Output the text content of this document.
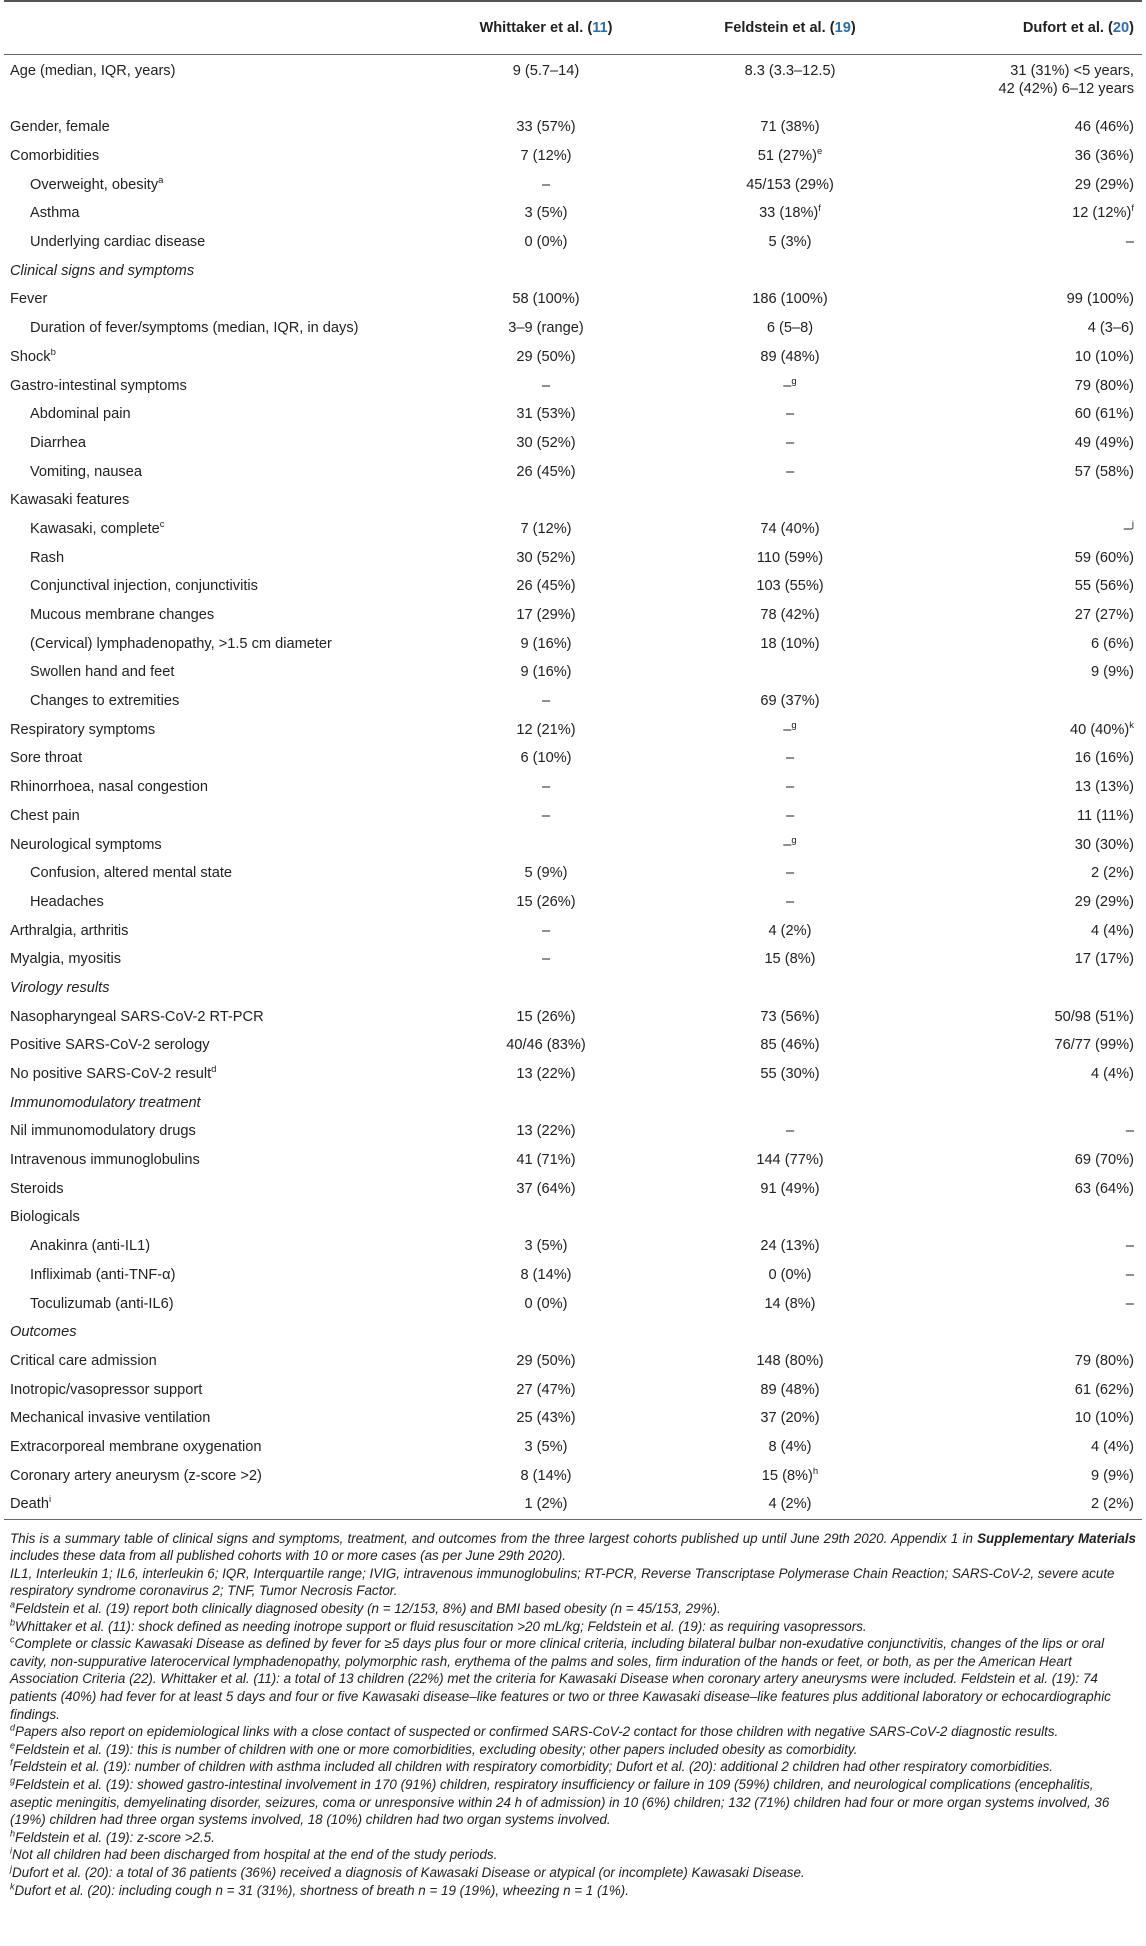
	Whittaker et al. (11)	Feldstein et al. (19)	Dufort et al. (20)
Age (median, IQR, years)	9 (5.7–14)	8.3 (3.3–12.5)	31 (31%) <5 years,
42 (42%) 6–12 years
Gender, female	33 (57%)	71 (38%)	46 (46%)
Comorbidities	7 (12%)	51 $(27\%)^e$	36 (36%)
Overweight, obesity$^a$	–	45/153 (29%)	29 (29%)
Asthma	3 (5%)	33 $(18\%)^f$	12 $(12\%)^f$
Underlying cardiac disease	0 (0%)	5 (3%)	–
Clinical signs and symptoms			
Fever	58 (100%)	186 (100%)	99 (100%)
Duration of fever/symptoms (median, IQR, in days)	3–9 (range)	6 (5–8)	4 (3–6)
Shock$^b$	29 (50%)	89 (48%)	10 (10%)
Gastro-intestinal symptoms	–	–$^g$	79 (80%)
Abdominal pain	31 (53%)	–	60 (61%)
Diarrhea	30 (52%)	–	49 (49%)
Vomiting, nausea	26 (45%)	–	57 (58%)
Kawasaki features			
Kawasaki, complete$^c$	7 (12%)	74 (40%)	–$^j$
Rash	30 (52%)	110 (59%)	59 (60%)
Conjunctival injection, conjunctivitis	26 (45%)	103 (55%)	55 (56%)
Mucous membrane changes	17 (29%)	78 (42%)	27 (27%)
(Cervical) lymphadenopathy, >1.5 cm diameter	9 (16%)	18 (10%)	6 (6%)
Swollen hand and feet	9 (16%)		9 (9%)
Changes to extremities	–	69 (37%)	
Respiratory symptoms	12 (21%)	–$^g$	40 $(40\%)^k$
Sore throat	6 (10%)	–	16 (16%)
Rhinorrhoea, nasal congestion	–	–	13 (13%)
Chest pain	–	–	11 (11%)
Neurological symptoms		–$^g$	30 (30%)
Confusion, altered mental state	5 (9%)	–	2 (2%)
Headaches	15 (26%)	–	29 (29%)
Arthralgia, arthritis	–	4 (2%)	4 (4%)
Myalgia, myositis	–	15 (8%)	17 (17%)
Virology results			
Nasopharyngeal SARS-CoV-2 RT-PCR	15 (26%)	73 (56%)	50/98 (51%)
Positive SARS-CoV-2 serology	40/46 (83%)	85 (46%)	76/77 (99%)
No positive SARS-CoV-2 result$^d$	13 (22%)	55 (30%)	4 (4%)
Immunomodulatory treatment			
Nil immunomodulatory drugs	13 (22%)	–	–
Intravenous immunoglobulins	41 (71%)	144 (77%)	69 (70%)
Steroids	37 (64%)	91 (49%)	63 (64%)
Biologicals			
Anakinra (anti-IL1)	3 (5%)	24 (13%)	–
Infliximab (anti-TNF-α)	8 (14%)	0 (0%)	–
Toculizumab (anti-IL6)	0 (0%)	14 (8%)	–
Outcomes			
Critical care admission	29 (50%)	148 (80%)	79 (80%)
Inotropic/vasopressor support	27 (47%)	89 (48%)	61 (62%)
Mechanical invasive ventilation	25 (43%)	37 (20%)	10 (10%)
Extracorporeal membrane oxygenation	3 (5%)	8 (4%)	4 (4%)
Coronary artery aneurysm (z-score >2)	8 (14%)	15 $(8\%)^h$	9 (9%)
Death$^i$	1 (2%)	4 (2%)	2 (2%)

This is a summary table of clinical signs and symptoms, treatment, and outcomes from the three largest cohorts published up until June 29th 2020. Appendix 1 in Supplementary Materials includes these data from all published cohorts with 10 or more cases (as per June 29th 2020).

IL1, Interleukin 1; IL6, interleukin 6; IQR, Interquartile range; IVIG, intravenous immunoglobulins; RT-PCR, Reverse Transcriptase Polymerase Chain Reaction; SARS-CoV-2, severe acute respiratory syndrome coronavirus 2; TNF, Tumor Necrosis Factor.

$^a$Feldstein et al. (19) report both clinically diagnosed obesity (n = 12/153, 8%) and BMI based obesity (n = 45/153, 29%).

$^b$Whittaker et al. (11): shock defined as needing inotrope support or fluid resuscitation >20 mL/kg; Feldstein et al. (19): as requiring vasopressors.

$^c$Complete or classic Kawasaki Disease as defined by fever for ≥5 days plus four or more clinical criteria, including bilateral bulbar non-exudative conjunctivitis, changes of the lips or oral cavity, non-suppurative laterocervical lymphadenopathy, polymorphic rash, erythema of the palms and soles, firm induration of the hands or feet, or both, as per the American Heart Association Criteria (22). Whittaker et al. (11): a total of 13 children (22%) met the criteria for Kawasaki Disease when coronary artery aneurysms were included. Feldstein et al. (19): 74 patients (40%) had fever for at least 5 days and four or five Kawasaki disease–like features or two or three Kawasaki disease–like features plus additional laboratory or echocardiographic findings.

$^d$Papers also report on epidemiological links with a close contact of suspected or confirmed SARS-CoV-2 contact for those children with negative SARS-CoV-2 diagnostic results.

$^e$Feldstein et al. (19): this is number of children with one or more comorbidities, excluding obesity; other papers included obesity as comorbidity.

$^f$Feldstein et al. (19): number of children with asthma included all children with respiratory comorbidity; Dufort et al. (20): additional 2 children had other respiratory comorbidities.

$^g$Feldstein et al. (19): showed gastro-intestinal involvement in 170 (91%) children, respiratory insufficiency or failure in 109 (59%) children, and neurological complications (encephalitis, aseptic meningitis, demyelinating disorder, seizures, coma or unresponsive within 24 h of admission) in 10 (6%) children; 132 (71%) children had four or more organ systems involved, 36 (19%) children had three organ systems involved, 18 (10%) children had two organ systems involved.

$^h$Feldstein et al. (19): z-score >2.5.

$^i$Not all children had been discharged from hospital at the end of the study periods.

$^j$Dufort et al. (20): a total of 36 patients (36%) received a diagnosis of Kawasaki Disease or atypical (or incomplete) Kawasaki Disease.

$^k$Dufort et al. (20): including cough n = 31 (31%), shortness of breath n = 19 (19%), wheezing n = 1 (1%).
